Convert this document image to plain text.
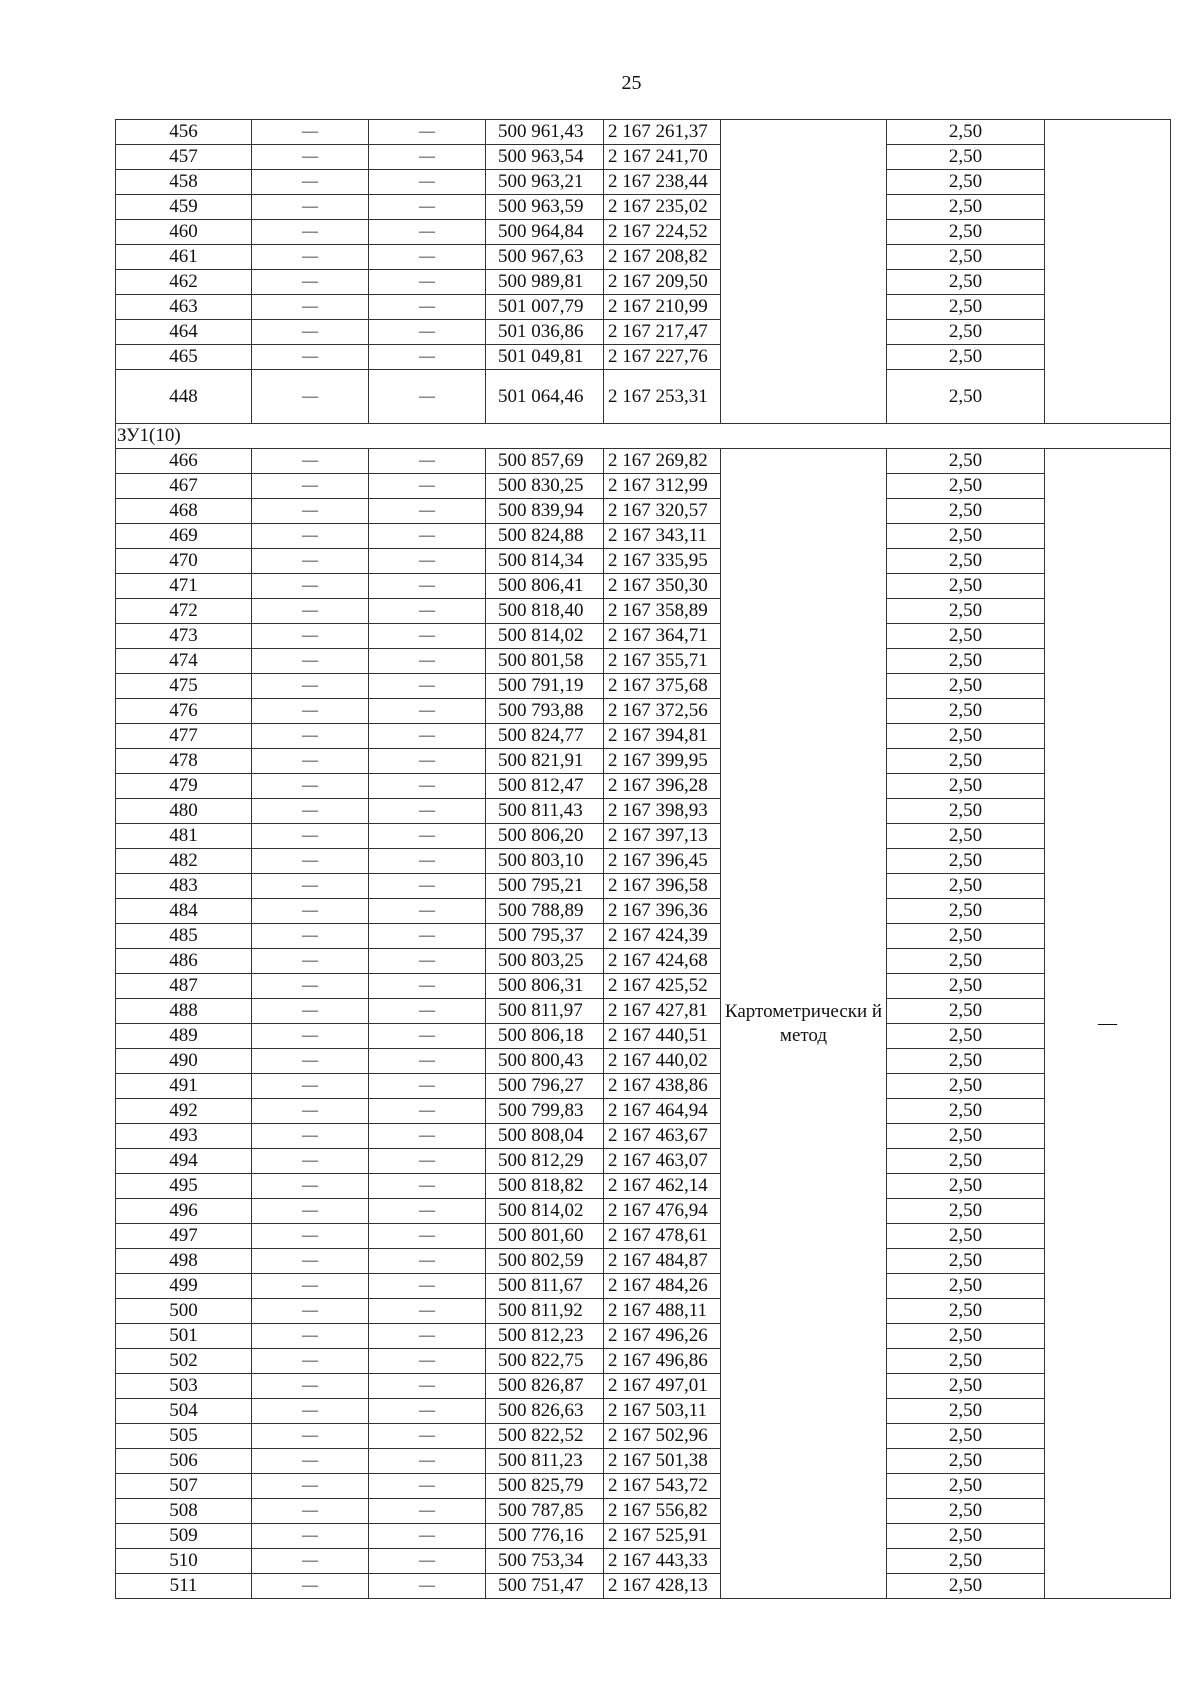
25
456	—	—	500 961,43	2 167 261,37		2,50	
457	—	—	500 963,54	2 167 241,70		2,50	
458	—	—	500 963,21	2 167 238,44		2,50	
459	—	—	500 963,59	2 167 235,02		2,50	
460	—	—	500 964,84	2 167 224,52		2,50	
461	—	—	500 967,63	2 167 208,82		2,50	
462	—	—	500 989,81	2 167 209,50		2,50	
463	—	—	501 007,79	2 167 210,99		2,50	
464	—	—	501 036,86	2 167 217,47		2,50	
465	—	—	501 049,81	2 167 227,76		2,50	
448	—	—	501 064,46	2 167 253,31		2,50	
ЗУ1(10)							
466	—	—	500 857,69	2 167 269,82	Картометрически й метод	2,50	—
467	—	—	500 830,25	2 167 312,99		2,50	
468	—	—	500 839,94	2 167 320,57		2,50	
469	—	—	500 824,88	2 167 343,11		2,50	
470	—	—	500 814,34	2 167 335,95		2,50	
471	—	—	500 806,41	2 167 350,30		2,50	
472	—	—	500 818,40	2 167 358,89		2,50	
473	—	—	500 814,02	2 167 364,71		2,50	
474	—	—	500 801,58	2 167 355,71		2,50	
475	—	—	500 791,19	2 167 375,68		2,50	
476	—	—	500 793,88	2 167 372,56		2,50	
477	—	—	500 824,77	2 167 394,81		2,50	
478	—	—	500 821,91	2 167 399,95		2,50	
479	—	—	500 812,47	2 167 396,28		2,50	
480	—	—	500 811,43	2 167 398,93		2,50	
481	—	—	500 806,20	2 167 397,13		2,50	
482	—	—	500 803,10	2 167 396,45		2,50	
483	—	—	500 795,21	2 167 396,58		2,50	
484	—	—	500 788,89	2 167 396,36		2,50	
485	—	—	500 795,37	2 167 424,39		2,50	
486	—	—	500 803,25	2 167 424,68		2,50	
487	—	—	500 806,31	2 167 425,52		2,50	
488	—	—	500 811,97	2 167 427,81		2,50	
489	—	—	500 806,18	2 167 440,51		2,50	
490	—	—	500 800,43	2 167 440,02		2,50	
491	—	—	500 796,27	2 167 438,86		2,50	
492	—	—	500 799,83	2 167 464,94		2,50	
493	—	—	500 808,04	2 167 463,67		2,50	
494	—	—	500 812,29	2 167 463,07		2,50	
495	—	—	500 818,82	2 167 462,14		2,50	
496	—	—	500 814,02	2 167 476,94		2,50	
497	—	—	500 801,60	2 167 478,61		2,50	
498	—	—	500 802,59	2 167 484,87		2,50	
499	—	—	500 811,67	2 167 484,26		2,50	
500	—	—	500 811,92	2 167 488,11		2,50	
501	—	—	500 812,23	2 167 496,26		2,50	
502	—	—	500 822,75	2 167 496,86		2,50	
503	—	—	500 826,87	2 167 497,01		2,50	
504	—	—	500 826,63	2 167 503,11		2,50	
505	—	—	500 822,52	2 167 502,96		2,50	
506	—	—	500 811,23	2 167 501,38		2,50	
507	—	—	500 825,79	2 167 543,72		2,50	
508	—	—	500 787,85	2 167 556,82		2,50	
509	—	—	500 776,16	2 167 525,91		2,50	
510	—	—	500 753,34	2 167 443,33		2,50	
511	—	—	500 751,47	2 167 428,13		2,50	
